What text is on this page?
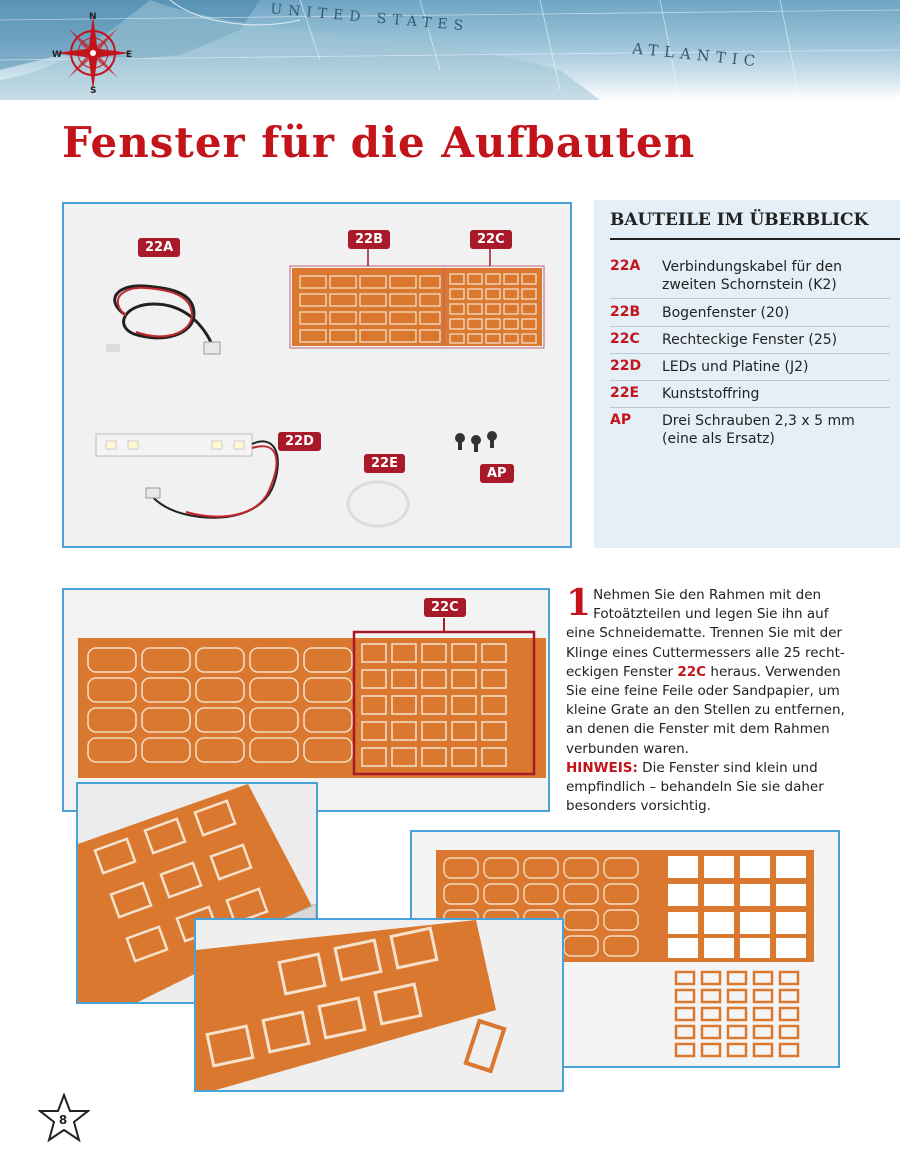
UNITED STATES
ATLANTIC
N
E
S
W
Fenster für die Aufbauten
22A
22B	22C
22D
22E
AP
BAUTEILE IM ÜBERBLICK
22A Verbindungskabel für den zweiten Schornstein (K2)
22B Bogenfenster (20)
22C Rechteckige Fenster (25)
22D LEDs und Platine (J2)
22E Kunststoffring
AP Drei Schrauben 2,3 x 5 mm (eine als Ersatz)
22C	1 Nehmen Sie den Rahmen mit den Fotoätzteilen und legen Sie ihn auf eine Schneidematte. Trennen Sie mit der Klinge eines Cuttermessers alle 25 rechteckigen Fenster 22C heraus. Verwenden Sie eine feine Feile oder Sandpapier, um kleine Grate an den Stellen zu entfernen, an denen die Fenster mit dem Rahmen verbunden waren.
HINWEIS: Die Fenster sind klein und empfindlich – behandeln Sie sie daher besonders vorsichtig.
8
